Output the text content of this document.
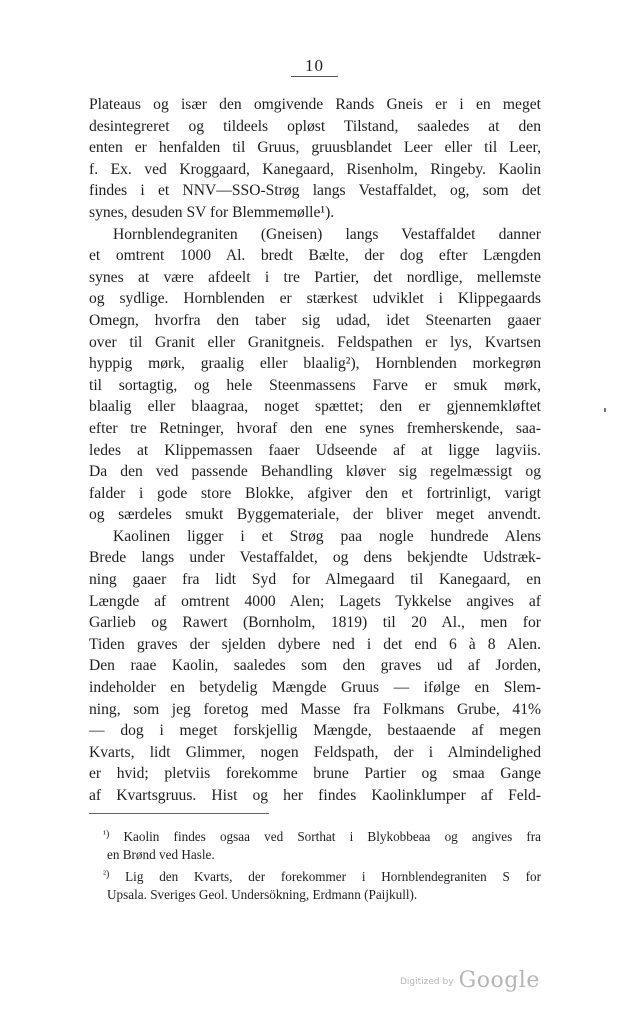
10
Plateaus og især den omgivende Rands Gneis er i en meget
desintegreret og tildeels opløst Tilstand, saaledes at den
enten er henfalden til Gruus, gruusblandet Leer eller til Leer,
f. Ex. ved Kroggaard, Kanegaard, Risenholm, Ringeby. Kaolin
findes i et NNV—SSO-Strøg langs Vestaffaldet, og, som det
synes, desuden SV for Blemmemølle¹).
Hornblendegraniten (Gneisen) langs Vestaffaldet danner
et omtrent 1000 Al. bredt Bælte, der dog efter Længden
synes at være afdeelt i tre Partier, det nordlige, mellemste
og sydlige. Hornblenden er stærkest udviklet i Klippegaards
Omegn, hvorfra den taber sig udad, idet Steenarten gaaer
over til Granit eller Granitgneis. Feldspathen er lys, Kvartsen
hyppig mørk, graalig eller blaalig²), Hornblenden morkegrøn
til sortagtig, og hele Steenmassens Farve er smuk mørk,
blaalig eller blaagraa, noget spættet; den er gjennemkløftet
efter tre Retninger, hvoraf den ene synes fremherskende, saa-
ledes at Klippemassen faaer Udseende af at ligge lagviis.
Da den ved passende Behandling kløver sig regelmæssigt og
falder i gode store Blokke, afgiver den et fortrinligt, varigt
og særdeles smukt Byggemateriale, der bliver meget anvendt.
Kaolinen ligger i et Strøg paa nogle hundrede Alens
Brede langs under Vestaffaldet, og dens bekjendte Udstræk-
ning gaaer fra lidt Syd for Almegaard til Kanegaard, en
Længde af omtrent 4000 Alen; Lagets Tykkelse angives af
Garlieb og Rawert (Bornholm, 1819) til 20 Al., men for
Tiden graves der sjelden dybere ned i det end 6 à 8 Alen.
Den raae Kaolin, saaledes som den graves ud af Jorden,
indeholder en betydelig Mængde Gruus — ifølge en Slem-
ning, som jeg foretog med Masse fra Folkmans Grube, 41%
— dog i meget forskjellig Mængde, bestaaende af megen
Kvarts, lidt Glimmer, nogen Feldspath, der i Almindelighed
er hvid; pletviis forekomme brune Partier og smaa Gange
af Kvartsgruus. Hist og her findes Kaolinklumper af Feld-
$^{^1)}$ Kaolin findes ogsaa ved Sorthat i Blykobbeaa og angives fra
en Brønd ved Hasle.
$^{^2)}$ Lig den Kvarts, der forekommer i Hornblendegraniten S for
Upsala. Sveriges Geol. Undersökning, Erdmann (Paijkull).
Digitized by Google
